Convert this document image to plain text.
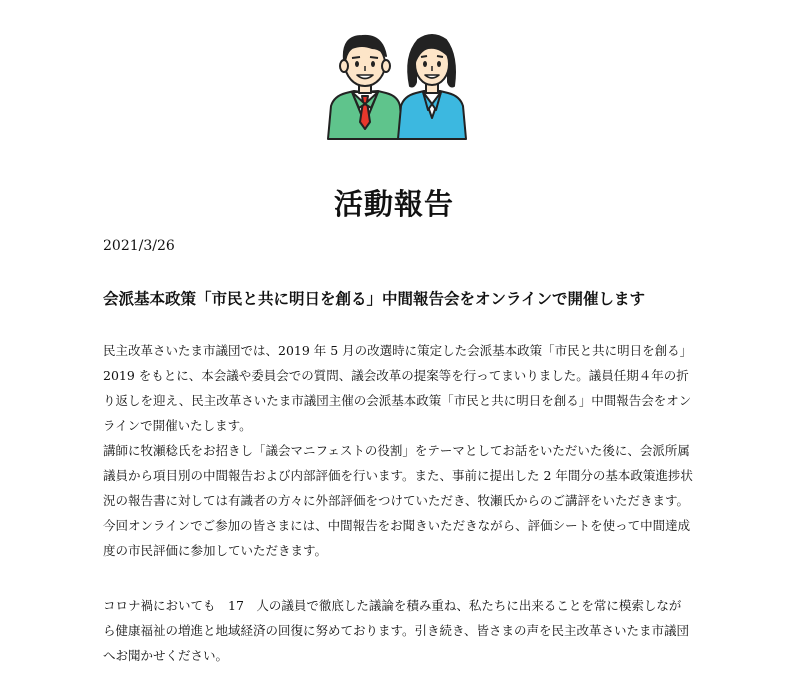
活動報告
2021/3/26
会派基本政策「市民と共に明日を創る」中間報告会をオンラインで開催します

民主改革さいたま市議団では、2019 年 5 月の改選時に策定した会派基本政策「市民と共に明日を創る」2019 をもとに、本会議や委員会での質問、議会改革の提案等を行ってまいりました。議員任期４年の折り返しを迎え、民主改革さいたま市議団主催の会派基本政策「市民と共に明日を創る」中間報告会をオンラインで開催いたします。

講師に牧瀬稔氏をお招きし「議会マニフェストの役割」をテーマとしてお話をいただいた後に、会派所属議員から項目別の中間報告および内部評価を行います。また、事前に提出した 2 年間分の基本政策進捗状況の報告書に対しては有識者の方々に外部評価をつけていただき、牧瀬氏からのご講評をいただきます。

今回オンラインでご参加の皆さまには、中間報告をお聞きいただきながら、評価シートを使って中間達成度の市民評価に参加していただきます。

コロナ禍においても　17　人の議員で徹底した議論を積み重ね、私たちに出来ることを常に模索しながら健康福祉の増進と地域経済の回復に努めております。引き続き、皆さまの声を民主改革さいたま市議団へお聞かせください。
